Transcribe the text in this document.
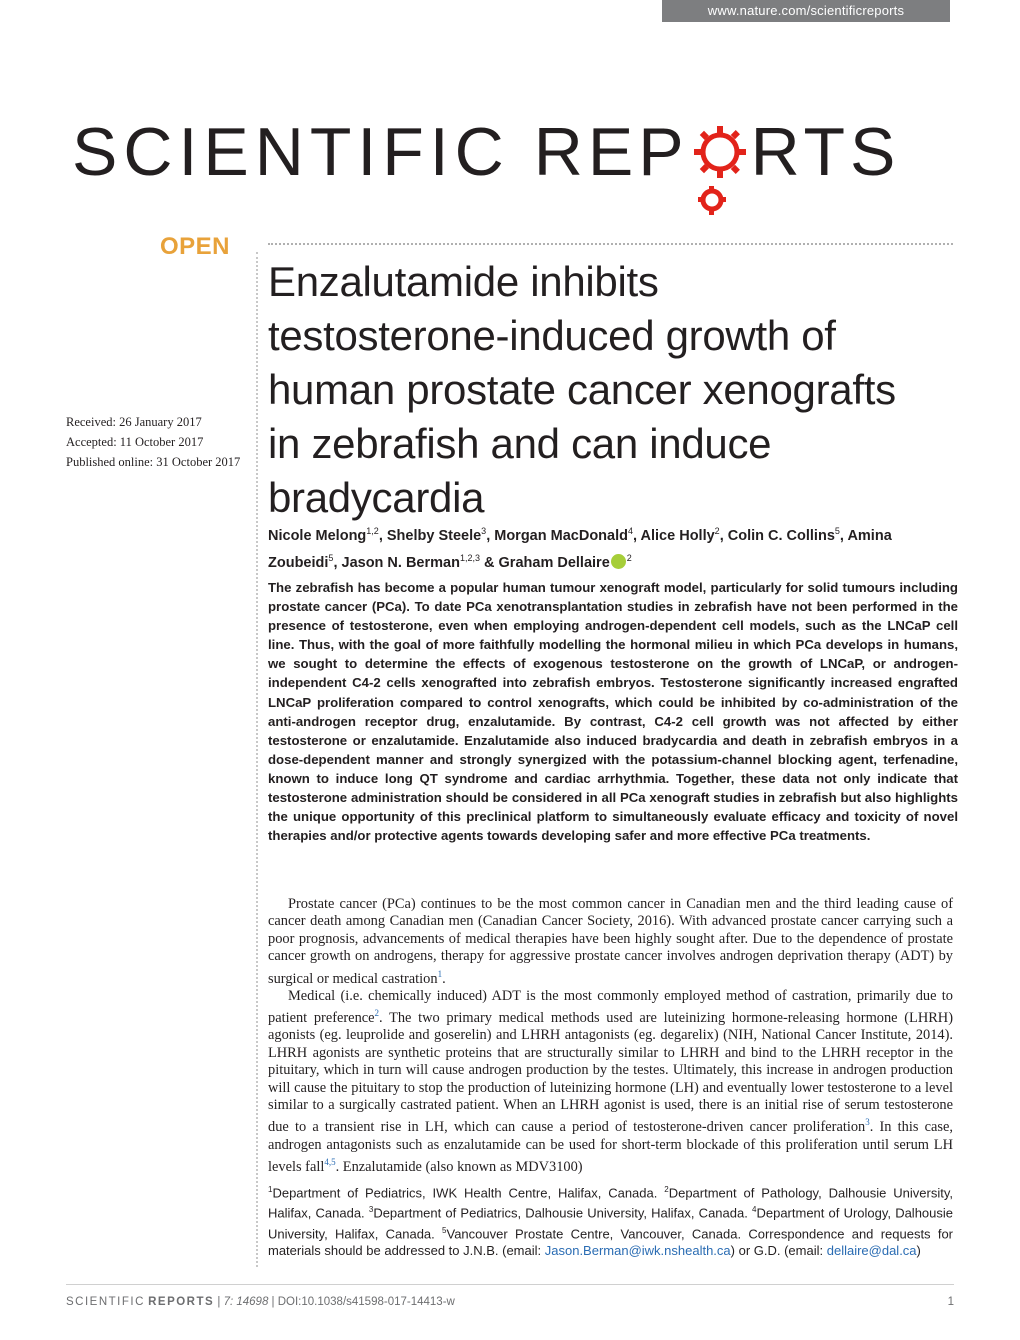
www.nature.com/scientificreports
SCIENTIFIC REP RTS
OPEN
Received: 26 January 2017
Accepted: 11 October 2017
Published online: 31 October 2017
Enzalutamide inhibits
testosterone-induced growth of
human prostate cancer xenografts
in zebrafish and can induce
bradycardia
Nicole Melong$^{1,2}$, Shelby Steele$^3$, Morgan MacDonald$^4$, Alice Holly$^2$, Colin C. Collins$^5$, Amina Zoubeidi$^5$, Jason N. Berman$^{1,2,3}$ & Graham Dellaire $^2$
The zebrafish has become a popular human tumour xenograft model, particularly for solid tumours including prostate cancer (PCa). To date PCa xenotransplantation studies in zebrafish have not been performed in the presence of testosterone, even when employing androgen-dependent cell models, such as the LNCaP cell line. Thus, with the goal of more faithfully modelling the hormonal milieu in which PCa develops in humans, we sought to determine the effects of exogenous testosterone on the growth of LNCaP, or androgen-independent C4-2 cells xenografted into zebrafish embryos. Testosterone significantly increased engrafted LNCaP proliferation compared to control xenografts, which could be inhibited by co-administration of the anti-androgen receptor drug, enzalutamide. By contrast, C4-2 cell growth was not affected by either testosterone or enzalutamide. Enzalutamide also induced bradycardia and death in zebrafish embryos in a dose-dependent manner and strongly synergized with the potassium-channel blocking agent, terfenadine, known to induce long QT syndrome and cardiac arrhythmia. Together, these data not only indicate that testosterone administration should be considered in all PCa xenograft studies in zebrafish but also highlights the unique opportunity of this preclinical platform to simultaneously evaluate efficacy and toxicity of novel therapies and/or protective agents towards developing safer and more effective PCa treatments.

Prostate cancer (PCa) continues to be the most common cancer in Canadian men and the third leading cause of cancer death among Canadian men (Canadian Cancer Society, 2016). With advanced prostate cancer carrying such a poor prognosis, advancements of medical therapies have been highly sought after. Due to the dependence of prostate cancer growth on androgens, therapy for aggressive prostate cancer involves androgen deprivation therapy (ADT) by surgical or medical castration$^1$.

Medical (i.e. chemically induced) ADT is the most commonly employed method of castration, primarily due to patient preference$^2$. The two primary medical methods used are luteinizing hormone-releasing hormone (LHRH) agonists (eg. leuprolide and goserelin) and LHRH antagonists (eg. degarelix) (NIH, National Cancer Institute, 2014). LHRH agonists are synthetic proteins that are structurally similar to LHRH and bind to the LHRH receptor in the pituitary, which in turn will cause androgen production by the testes. Ultimately, this increase in androgen production will cause the pituitary to stop the production of luteinizing hormone (LH) and eventually lower testosterone to a level similar to a surgically castrated patient. When an LHRH agonist is used, there is an initial rise of serum testosterone due to a transient rise in LH, which can cause a period of testosterone-driven cancer proliferation$^3$. In this case, androgen antagonists such as enzalutamide can be used for short-term blockade of this proliferation until serum LH levels fall$^{4,5}$. Enzalutamide (also known as MDV3100)

$^1$Department of Pediatrics, IWK Health Centre, Halifax, Canada. $^2$Department of Pathology, Dalhousie University, Halifax, Canada. $^3$Department of Pediatrics, Dalhousie University, Halifax, Canada. $^4$Department of Urology, Dalhousie University, Halifax, Canada. $^5$Vancouver Prostate Centre, Vancouver, Canada. Correspondence and requests for materials should be addressed to J.N.B. (email: Jason.Berman@iwk.nshealth.ca) or G.D. (email: dellaire@dal.ca)
SCIENTIFIC REPORTS | 7: 14698 | DOI:10.1038/s41598-017-14413-w	1
